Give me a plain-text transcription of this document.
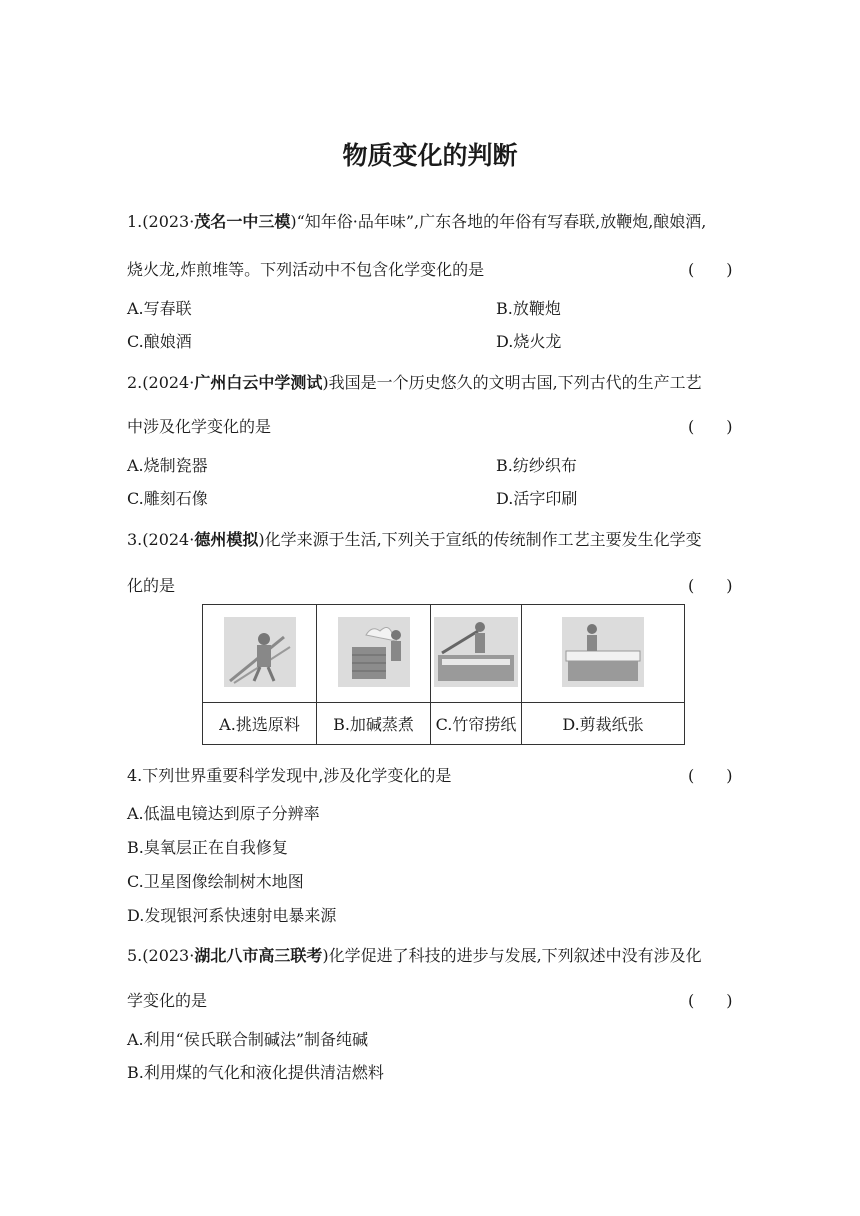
物质变化的判断
1.(2023·茂名一中三模)“知年俗·品年味”,广东各地的年俗有写春联,放鞭炮,酿娘酒,
烧火龙,炸煎堆等。下列活动中不包含化学变化的是	(　　)
A.写春联	B.放鞭炮
C.酿娘酒	D.烧火龙
2.(2024·广州白云中学测试)我国是一个历史悠久的文明古国,下列古代的生产工艺
中涉及化学变化的是	(　　)
A.烧制瓷器	B.纺纱织布
C.雕刻石像	D.活字印刷
3.(2024·德州模拟)化学来源于生活,下列关于宣纸的传统制作工艺主要发生化学变
化的是	(　　)

A.挑选原料	B.加碱蒸煮	C.竹帘捞纸	D.剪裁纸张
4.下列世界重要科学发现中,涉及化学变化的是	(　　)
A.低温电镜达到原子分辨率
B.臭氧层正在自我修复
C.卫星图像绘制树木地图
D.发现银河系快速射电暴来源
5.(2023·湖北八市高三联考)化学促进了科技的进步与发展,下列叙述中没有涉及化
学变化的是	(　　)
A.利用“侯氏联合制碱法”制备纯碱
B.利用煤的气化和液化提供清洁燃料
